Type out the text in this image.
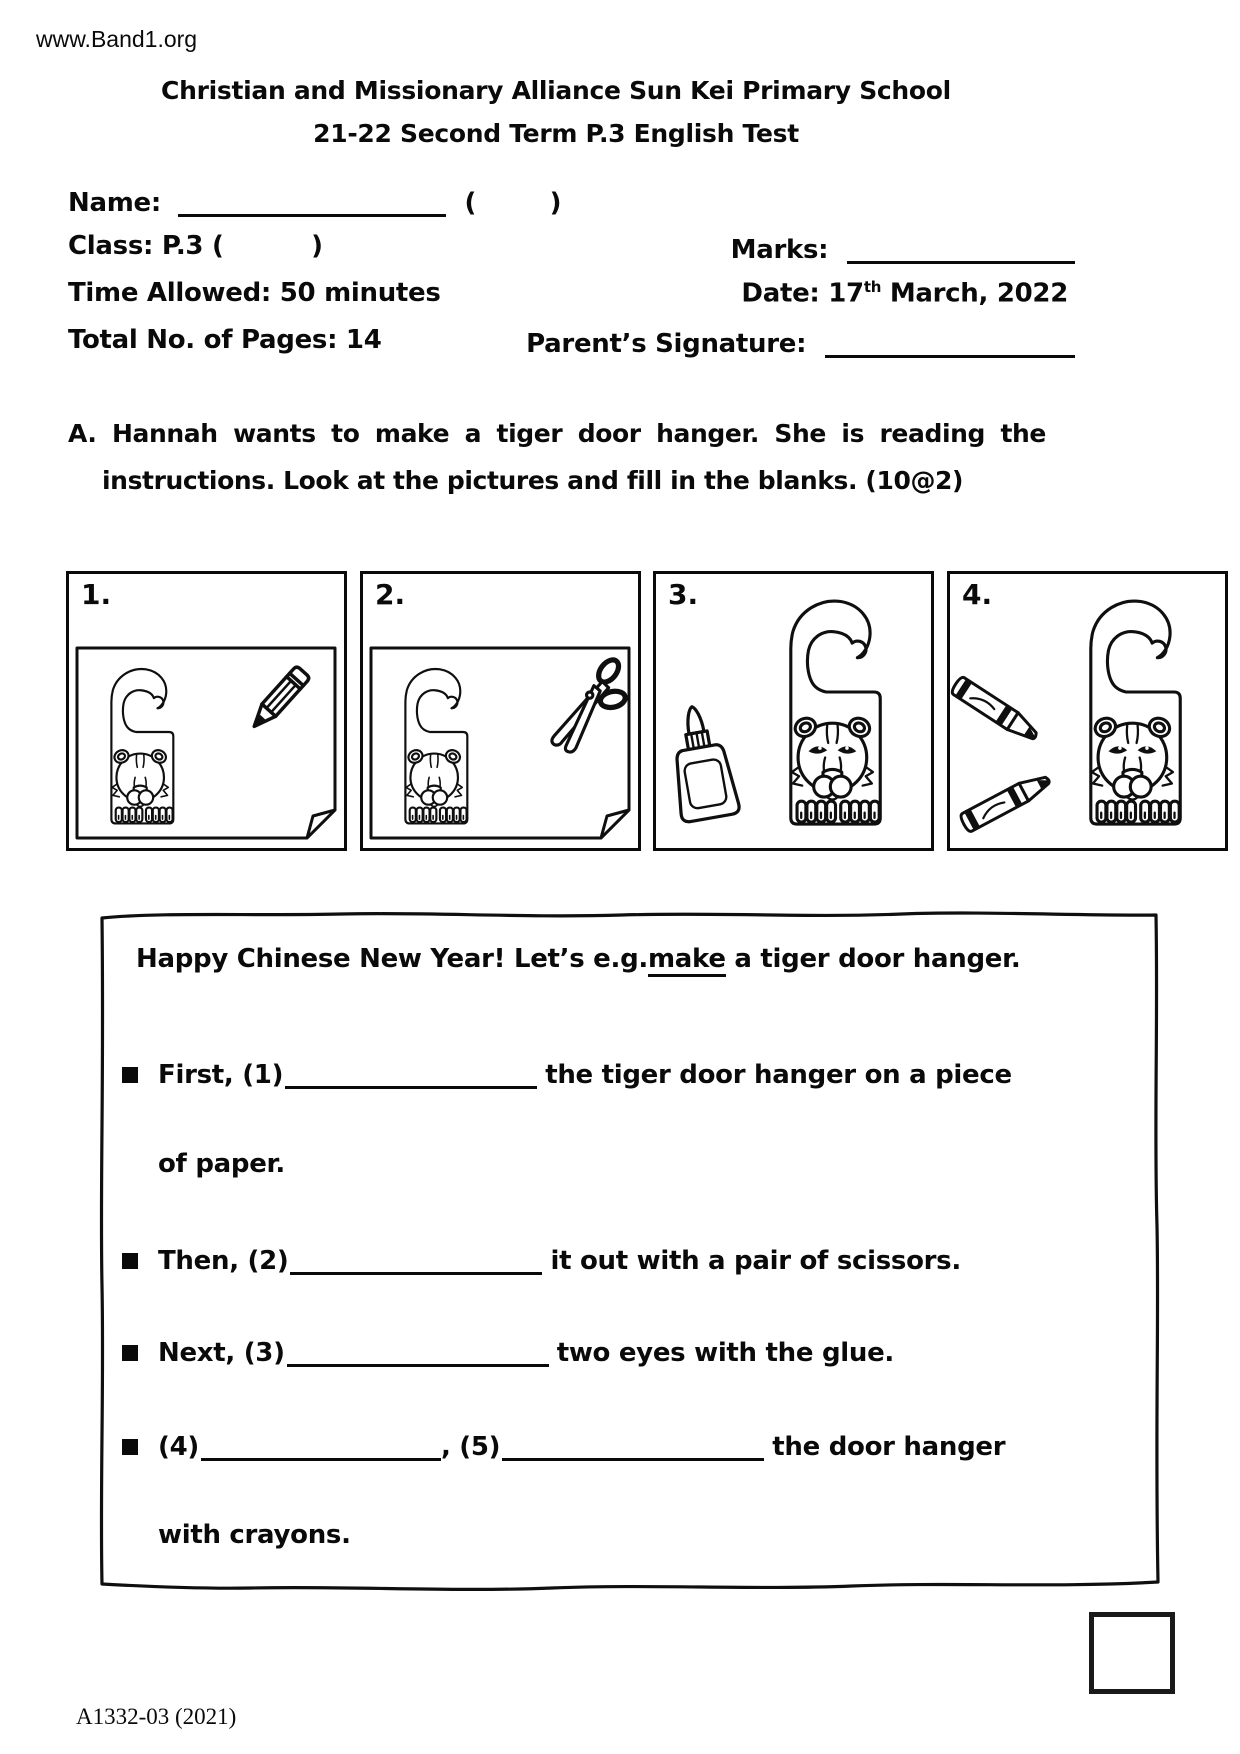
www.Band1.org
Christian and Missionary Alliance Sun Kei Primary School
21-22 Second Term P.3 English Test
Name:	(	)
Class: P.3 (	)	Marks:
Time Allowed: 50 minutes	Date: 17th March, 2022
Total No. of Pages: 14	Parent’s Signature:
A. Hannah wants to make a tiger door hanger. She is reading the
instructions. Look at the pictures and fill in the blanks. (10@2)
1.	2.	3.	4.
Happy Chinese New Year! Let’s e.g.make a tiger door hanger.
First, (1)	the tiger door hanger on a piece
of paper.
Then, (2)	it out with a pair of scissors.
Next, (3)	two eyes with the glue.
(4)	, (5)	the door hanger
with crayons.
A1332-03 (2021)
